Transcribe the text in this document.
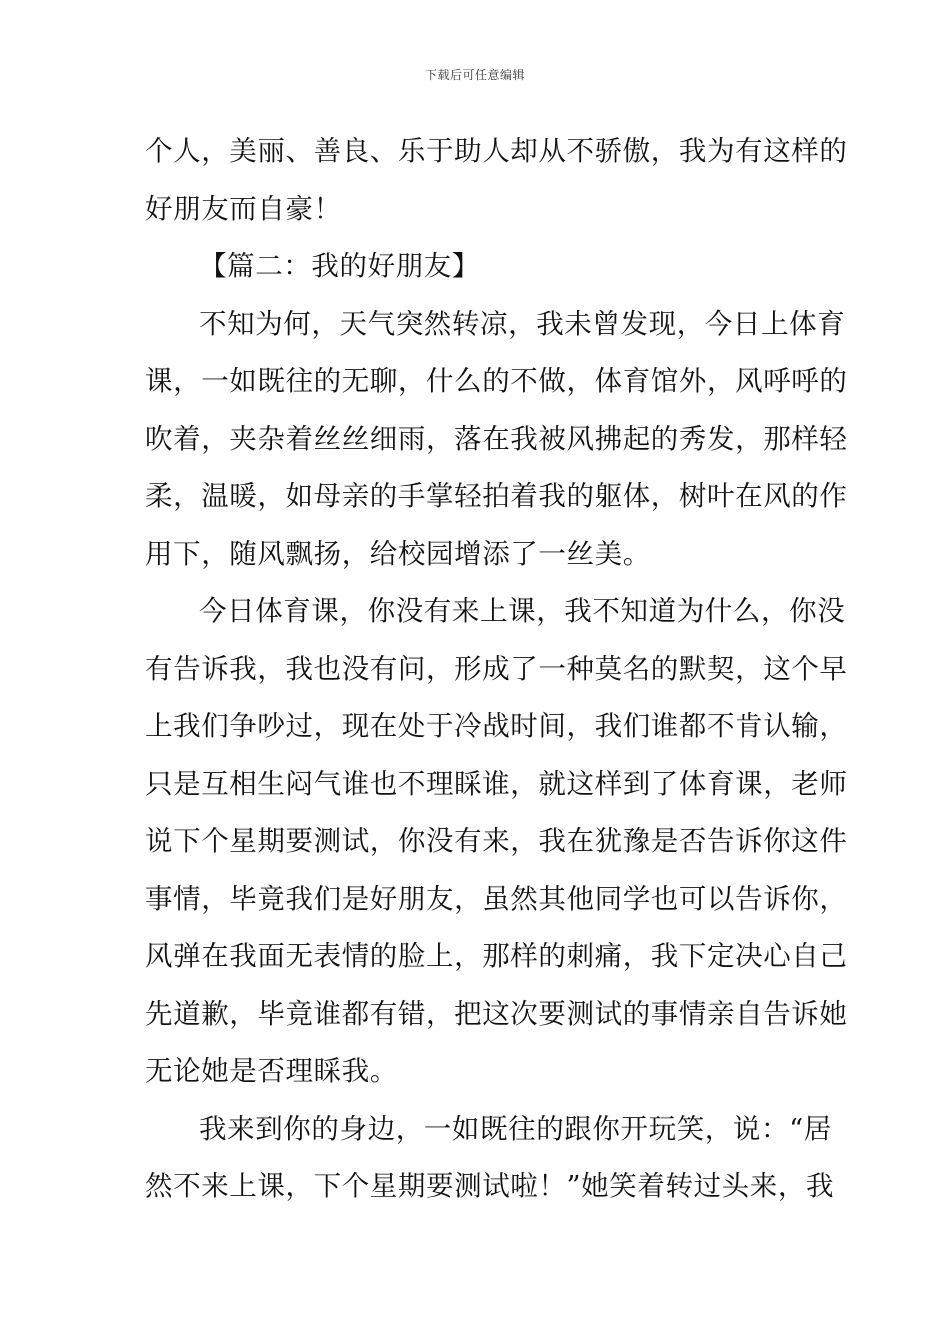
下载后可任意编辑
个人，美丽、善良、乐于助人却从不骄傲，我为有这样的
好朋友而自豪！
【篇二：我的好朋友】
不知为何，天气突然转凉，我未曾发现，今日上体育
课，一如既往的无聊，什么的不做，体育馆外，风呼呼的
吹着，夹杂着丝丝细雨，落在我被风拂起的秀发，那样轻
柔，温暖，如母亲的手掌轻拍着我的躯体，树叶在风的作
用下，随风飘扬，给校园增添了一丝美。
今日体育课，你没有来上课，我不知道为什么，你没
有告诉我，我也没有问，形成了一种莫名的默契，这个早
上我们争吵过，现在处于冷战时间，我们谁都不肯认输，
只是互相生闷气谁也不理睬谁，就这样到了体育课，老师
说下个星期要测试，你没有来，我在犹豫是否告诉你这件
事情，毕竟我们是好朋友，虽然其他同学也可以告诉你，
风弹在我面无表情的脸上，那样的刺痛，我下定决心自己
先道歉，毕竟谁都有错，把这次要测试的事情亲自告诉她
无论她是否理睬我。
我来到你的身边，一如既往的跟你开玩笑，说：“居
然不来上课，下个星期要测试啦！”她笑着转过头来，我
